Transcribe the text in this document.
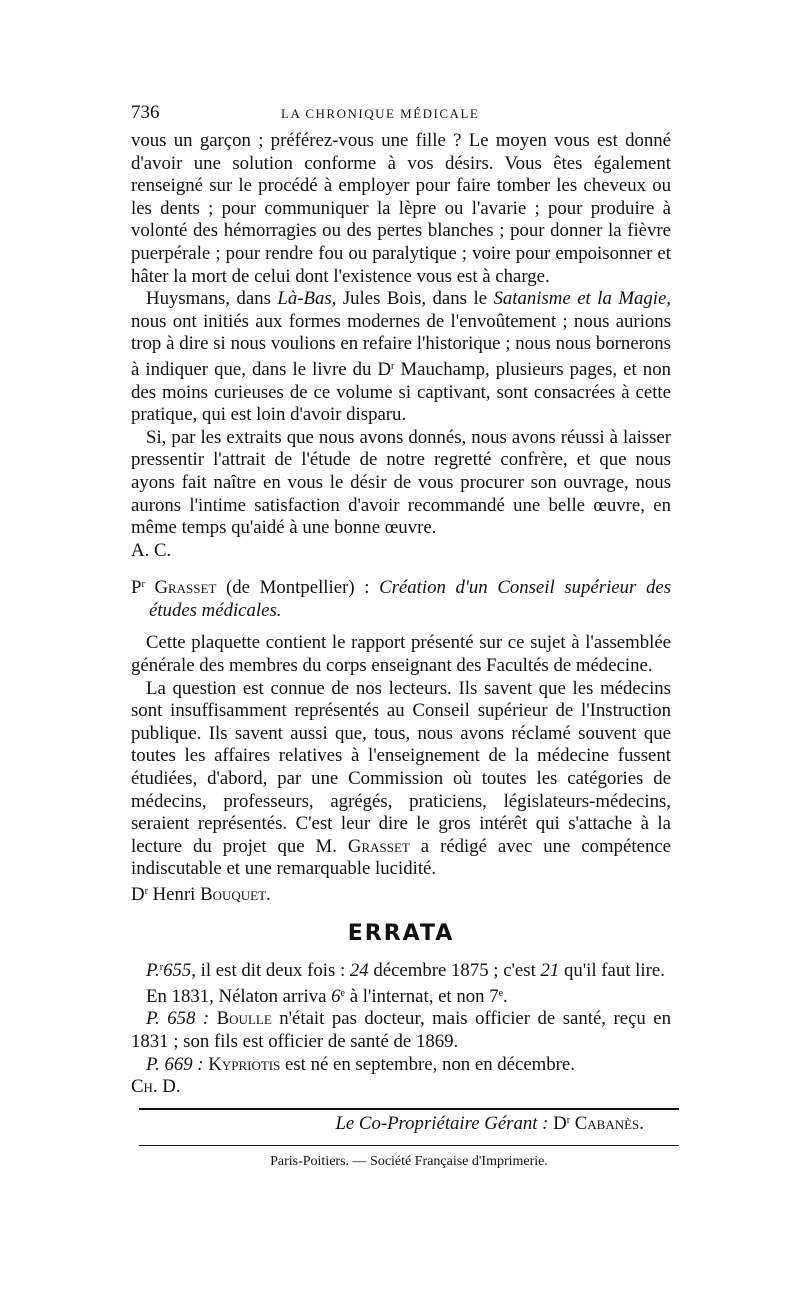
736	LA CHRONIQUE MÉDICALE

vous un garçon ; préférez-vous une fille ? Le moyen vous est donné d'avoir une solution conforme à vos désirs. Vous êtes également renseigné sur le procédé à employer pour faire tomber les cheveux ou les dents ; pour communiquer la lèpre ou l'avarie ; pour produire à volonté des hémorragies ou des pertes blanches ; pour donner la fièvre puerpérale ; pour rendre fou ou paralytique ; voire pour empoisonner et hâter la mort de celui dont l'existence vous est à charge.

Huysmans, dans Là-Bas, Jules Bois, dans le Satanisme et la Magie, nous ont initiés aux formes modernes de l'envoûtement ; nous aurions trop à dire si nous voulions en refaire l'historique ; nous nous bornerons à indiquer que, dans le livre du $D^r$ Mauchamp, plusieurs pages, et non des moins curieuses de ce volume si captivant, sont consacrées à cette pratique, qui est loin d'avoir disparu.

Si, par les extraits que nous avons donnés, nous avons réussi à laisser pressentir l'attrait de l'étude de notre regretté confrère, et que nous ayons fait naître en vous le désir de vous procurer son ouvrage, nous aurons l'intime satisfaction d'avoir recommandé une belle œuvre, en même temps qu'aidé à une bonne œuvre.

A. C.

$P^r$ Grasset (de Montpellier) : Création d'un Conseil supérieur des études médicales.

Cette plaquette contient le rapport présenté sur ce sujet à l'assemblée générale des membres du corps enseignant des Facultés de médecine.

La question est connue de nos lecteurs. Ils savent que les médecins sont insuffisamment représentés au Conseil supérieur de l'Instruction publique. Ils savent aussi que, tous, nous avons réclamé souvent que toutes les affaires relatives à l'enseignement de la médecine fussent étudiées, d'abord, par une Commission où toutes les catégories de médecins, professeurs, agrégés, praticiens, législateurs-médecins, seraient représentés. C'est leur dire le gros intérêt qui s'attache à la lecture du projet que M. Grasset a rédigé avec une compétence indiscutable et une remarquable lucidité.

$D^r$ Henri Bouquet.

ERRATA

P.$^r$655, il est dit deux fois : 24 décembre 1875 ; c'est 21 qu'il faut lire.

En 1831, Nélaton arriva 6e à l'internat, et non 7e.

P. 658 : Boulle n'était pas docteur, mais officier de santé, reçu en 1831 ; son fils est officier de santé de 1869.

P. 669 : Kypriotis est né en septembre, non en décembre.

Ch. D.

Le Co-Propriétaire Gérant : $D^r$ Cabanès.
Paris-Poitiers. — Société Française d'Imprimerie.
